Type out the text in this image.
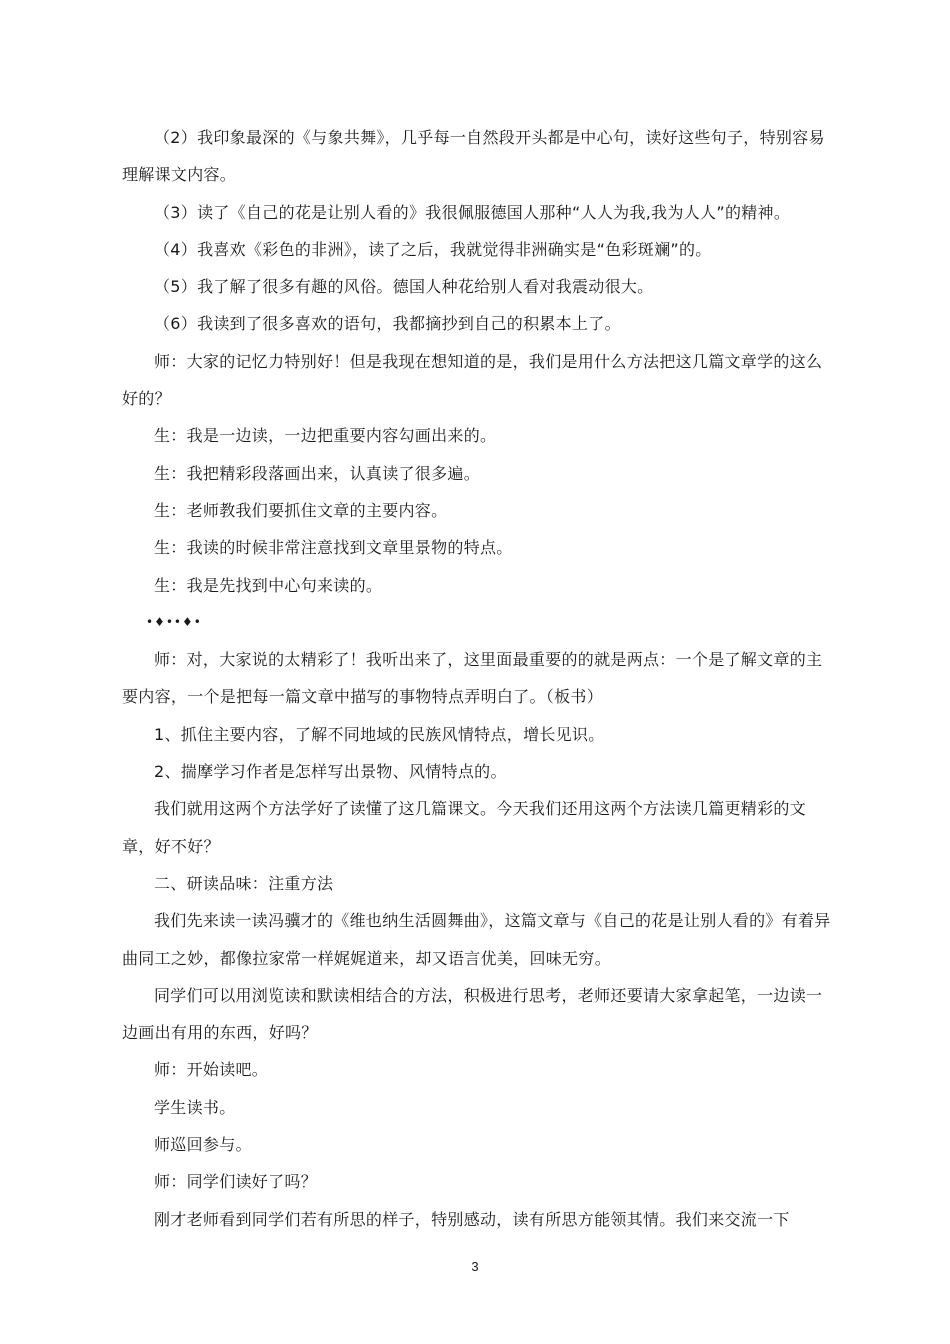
（2）我印象最深的《与象共舞》，几乎每一自然段开头都是中心句，读好这些句子，特别容易理解课文内容。

（3）读了《自己的花是让别人看的》我很佩服德国人那种“人人为我,我为人人”的精神。

（4）我喜欢《彩色的非洲》，读了之后，我就觉得非洲确实是“色彩斑斓”的。

（5）我了解了很多有趣的风俗。德国人种花给别人看对我震动很大。

（6）我读到了很多喜欢的语句，我都摘抄到自己的积累本上了。

师：大家的记忆力特别好！但是我现在想知道的是，我们是用什么方法把这几篇文章学的这么好的？

生：我是一边读，一边把重要内容勾画出来的。

生：我把精彩段落画出来，认真读了很多遍。

生：老师教我们要抓住文章的主要内容。

生：我读的时候非常注意找到文章里景物的特点。

生：我是先找到中心句来读的。

•♦••♦•

师：对，大家说的太精彩了！我听出来了，这里面最重要的的就是两点：一个是了解文章的主要内容，一个是把每一篇文章中描写的事物特点弄明白了。（板书）

1、抓住主要内容，了解不同地域的民族风情特点，增长见识。

2、揣摩学习作者是怎样写出景物、风情特点的。

我们就用这两个方法学好了读懂了这几篇课文。今天我们还用这两个方法读几篇更精彩的文章，好不好？

二、研读品味：注重方法

我们先来读一读冯骥才的《维也纳生活圆舞曲》，这篇文章与《自己的花是让别人看的》有着异曲同工之妙，都像拉家常一样娓娓道来，却又语言优美，回味无穷。

同学们可以用浏览读和默读相结合的方法，积极进行思考，老师还要请大家拿起笔，一边读一边画出有用的东西，好吗？

师：开始读吧。

学生读书。

师巡回参与。

师：同学们读好了吗？

刚才老师看到同学们若有所思的样子，特别感动，读有所思方能领其情。我们来交流一下

3
